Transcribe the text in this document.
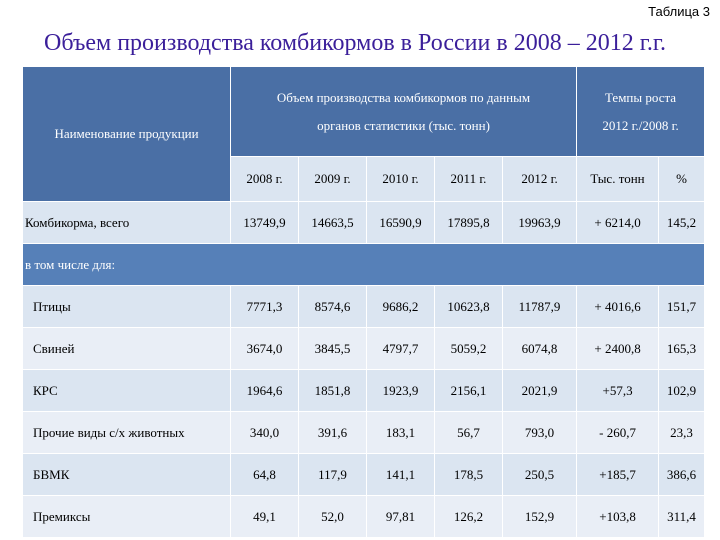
Таблица 3
Объем производства комбикормов в России в 2008 – 2012 г.г.
Наименование продукции	Объем производства комбикормов по данным
органов статистики (тыс. тонн)					Темпы роста
2012 г./2008 г.	

	2008 г.	2009 г.	2010 г.	2011 г.	2012 г.	Тыс. тонн	%
Комбикорма, всего	13749,9	14663,5	16590,9	17895,8	19963,9	+ 6214,0	145,2
в том числе для:							
Птицы	7771,3	8574,6	9686,2	10623,8	11787,9	+ 4016,6	151,7
Свиней	3674,0	3845,5	4797,7	5059,2	6074,8	+ 2400,8	165,3
КРС	1964,6	1851,8	1923,9	2156,1	2021,9	+57,3	102,9
Прочие виды с/х животных	340,0	391,6	183,1	56,7	793,0	- 260,7	23,3
БВМК	64,8	117,9	141,1	178,5	250,5	+185,7	386,6
Премиксы	49,1	52,0	97,81	126,2	152,9	+103,8	311,4
